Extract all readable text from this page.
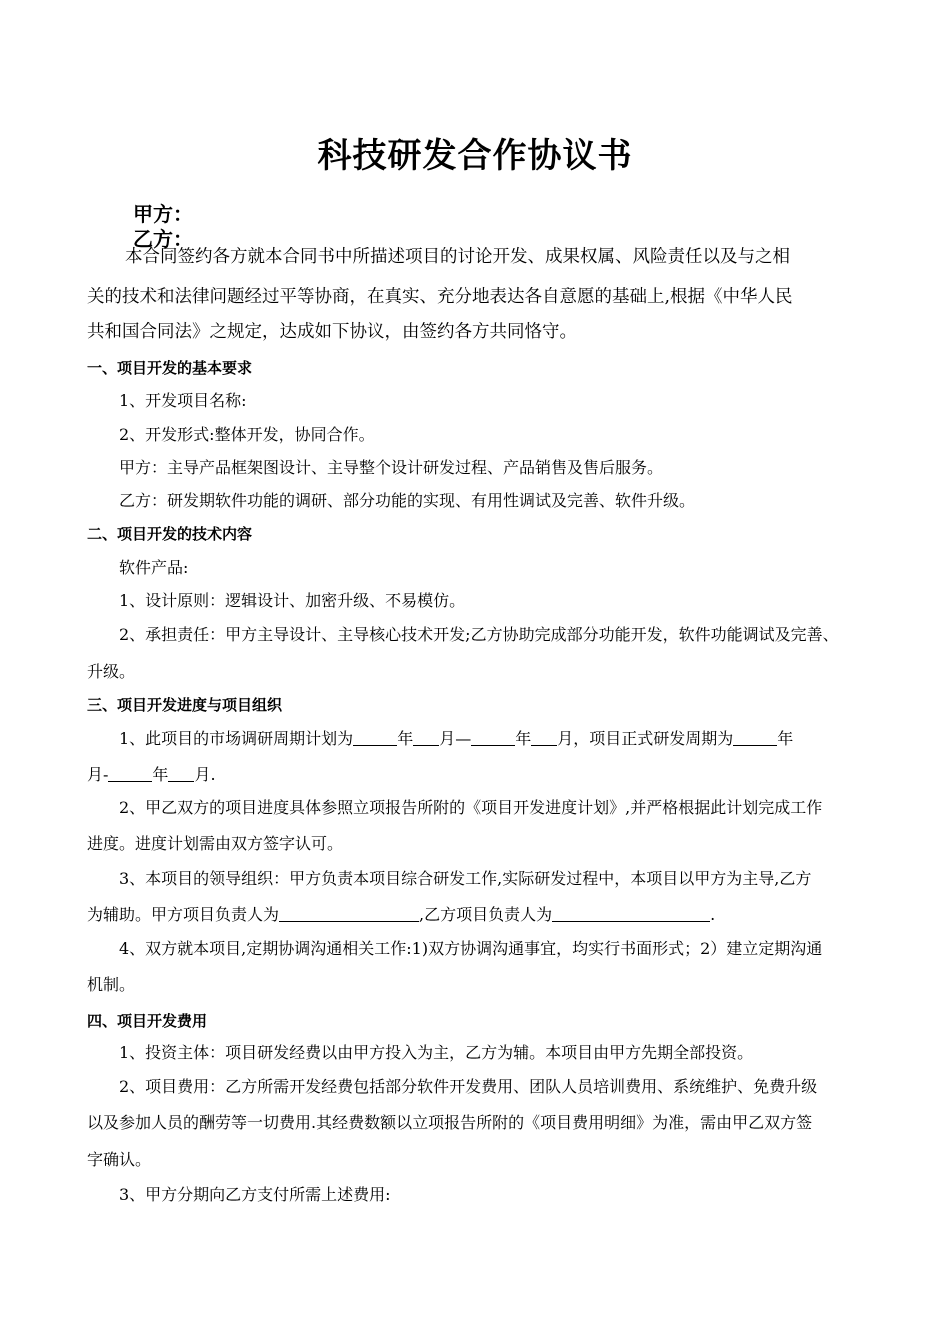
科技研发合作协议书
甲方：
乙方：
本合同签约各方就本合同书中所描述项目的讨论开发、成果权属、风险责任以及与之相
关的技术和法律问题经过平等协商，在真实、充分地表达各自意愿的基础上,根据《中华人民
共和国合同法》之规定，达成如下协议，由签约各方共同恪守。
一、项目开发的基本要求
1、开发项目名称:
2、开发形式:整体开发，协同合作。
甲方：主导产品框架图设计、主导整个设计研发过程、产品销售及售后服务。
乙方：研发期软件功能的调研、部分功能的实现、有用性调试及完善、软件升级。
二、项目开发的技术内容
软件产品:
1、设计原则：逻辑设计、加密升级、不易模仿。
2、承担责任：甲方主导设计、主导核心技术开发;乙方协助完成部分功能开发，软件功能调试及完善、
升级。
三、项目开发进度与项目组织
1、此项目的市场调研周期计划为	年 月—	年 月，项目正式研发周期为	年
月-	年 月.
2、甲乙双方的项目进度具体参照立项报告所附的《项目开发进度计划》,并严格根据此计划完成工作
进度。进度计划需由双方签字认可。
3、本项目的领导组织：甲方负责本项目综合研发工作,实际研发过程中，本项目以甲方为主导,乙方
为辅助。甲方项目负责人为	,乙方项目负责人为	.
4、双方就本项目,定期协调沟通相关工作:1)双方协调沟通事宜，均实行书面形式；2）建立定期沟通
机制。
四、项目开发费用
1、投资主体：项目研发经费以由甲方投入为主，乙方为辅。本项目由甲方先期全部投资。
2、项目费用：乙方所需开发经费包括部分软件开发费用、团队人员培训费用、系统维护、免费升级
以及参加人员的酬劳等一切费用.其经费数额以立项报告所附的《项目费用明细》为准，需由甲乙双方签
字确认。
3、甲方分期向乙方支付所需上述费用:
